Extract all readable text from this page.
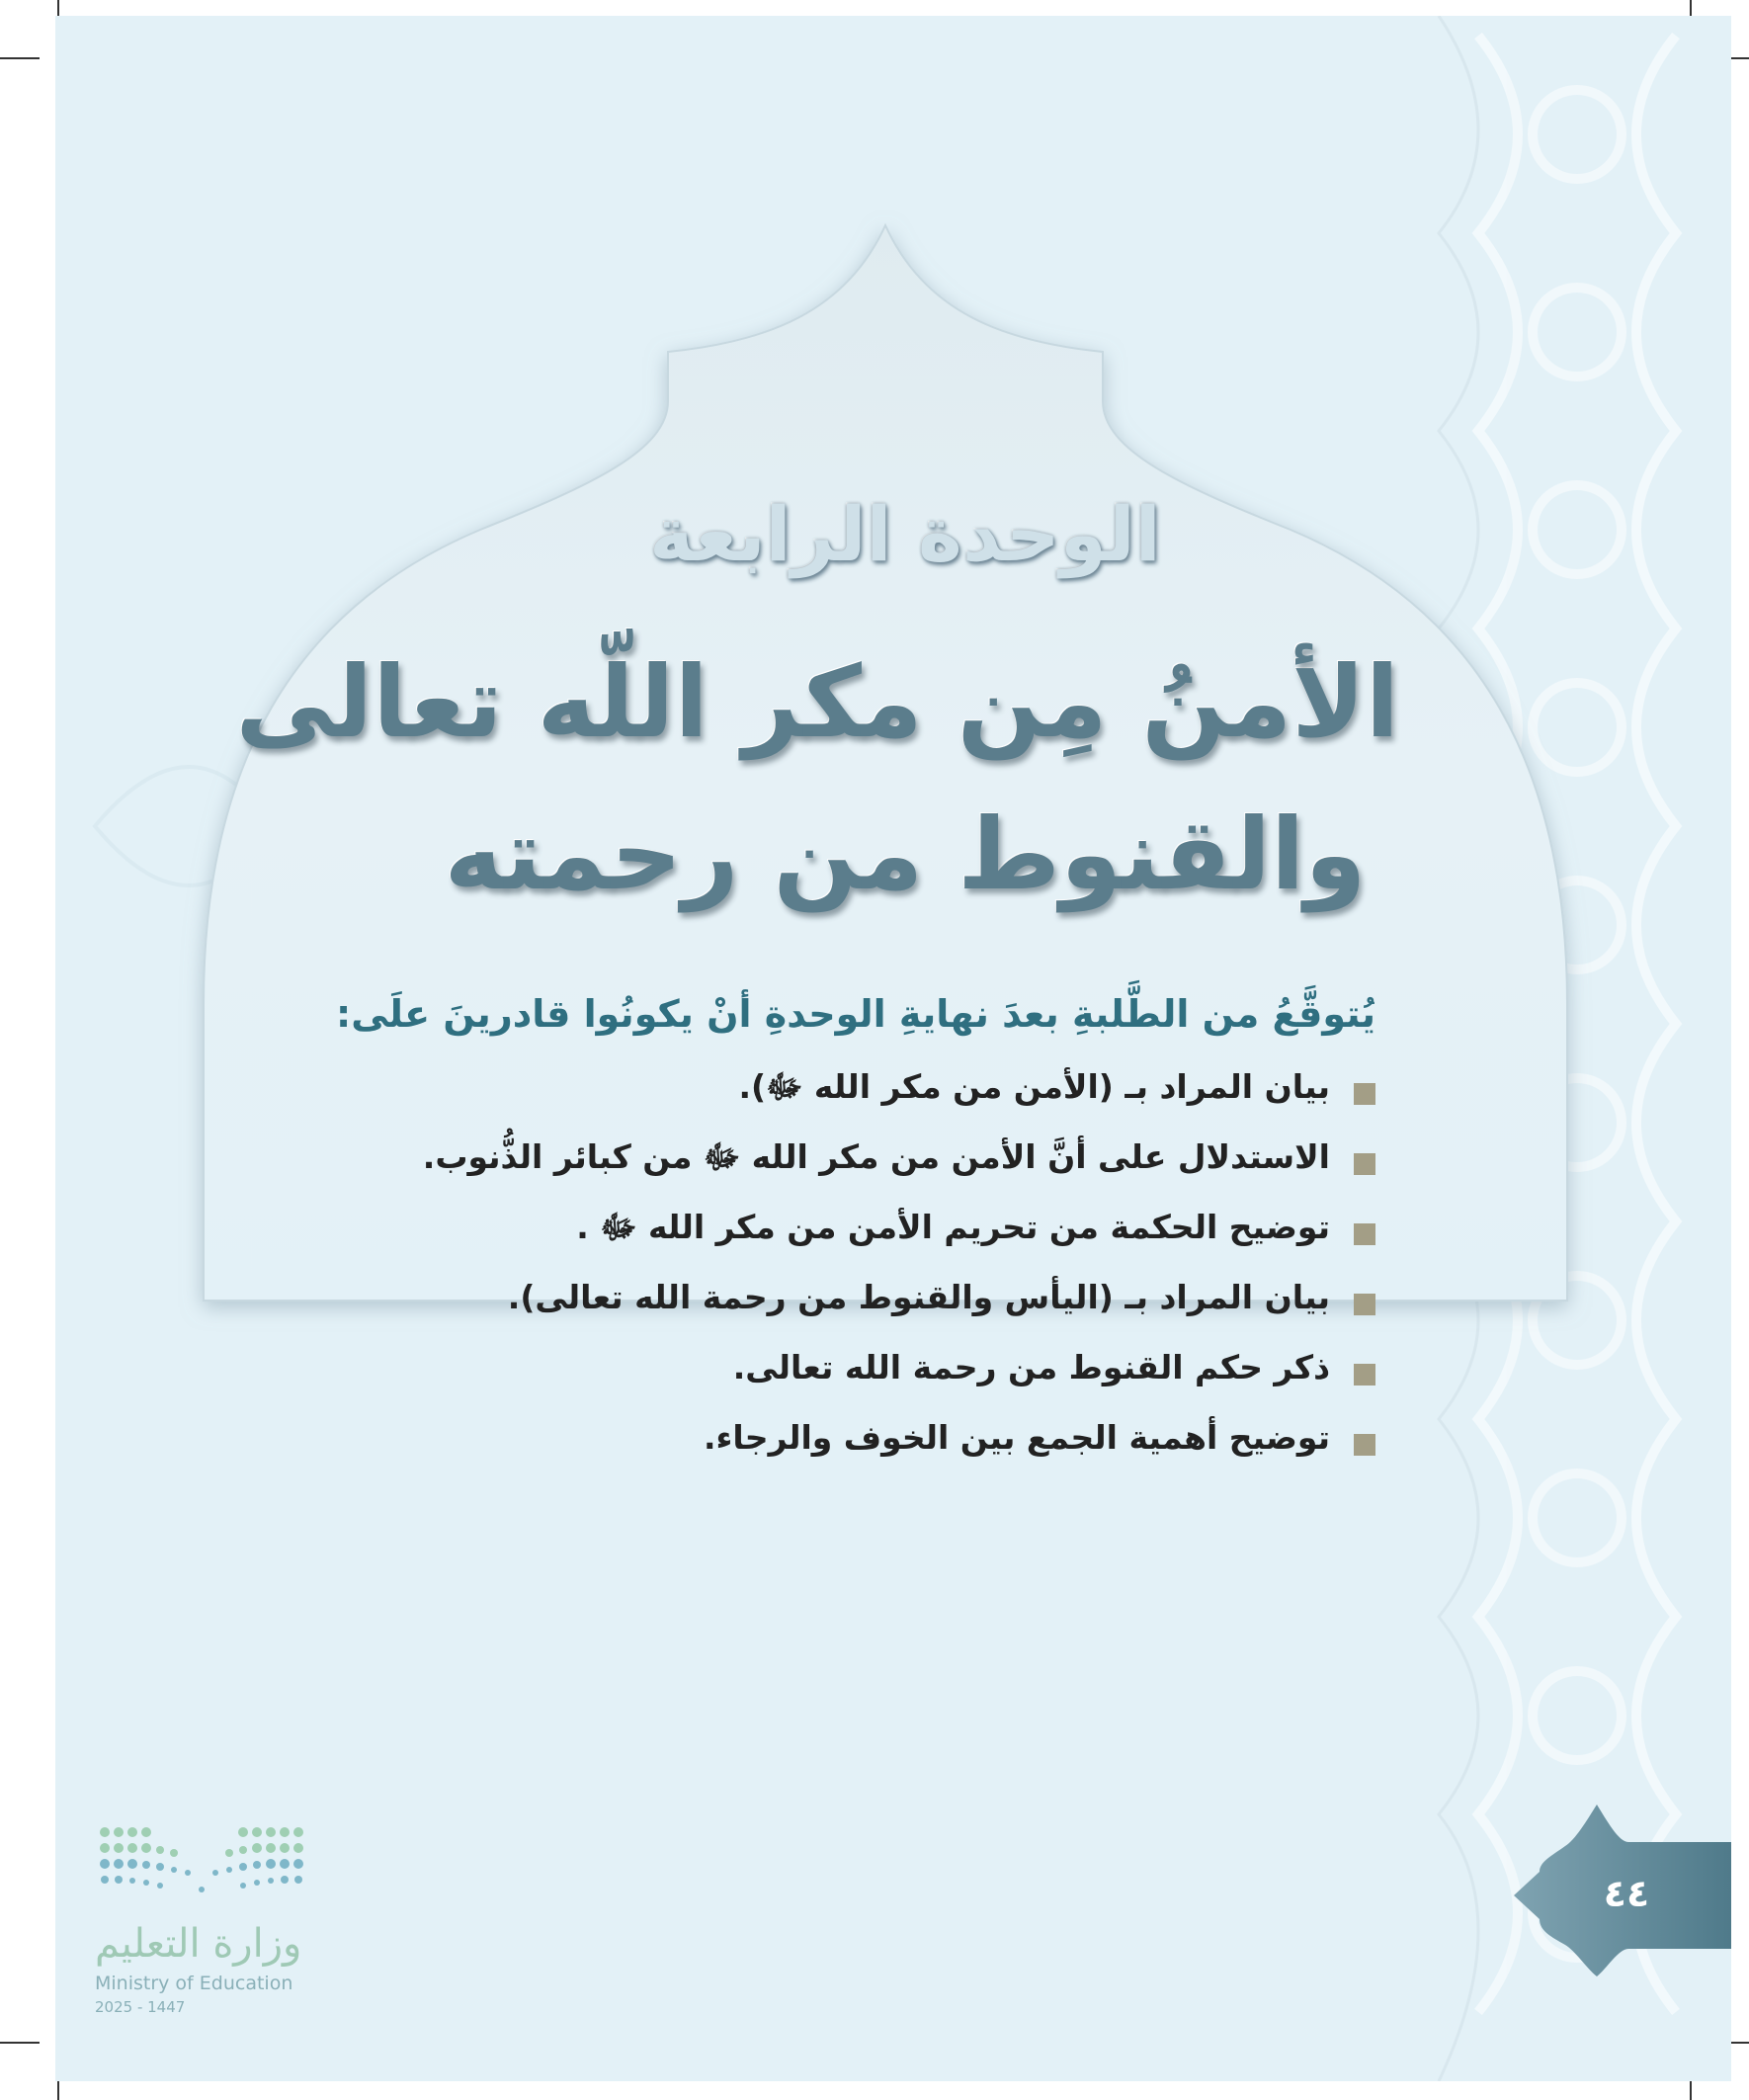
الوحدة الرابعة
الأمنُ مِن مكر اللّه تعالى
والقنوط من رحمته
يُتوقَّعُ من الطَّلبةِ بعدَ نهايةِ الوحدةِ أنْ يكونُوا قادرينَ علَى:
بيان المراد بـ (الأمن من مكر الله ﷻ).
الاستدلال على أنَّ الأمن من مكر الله ﷻ من كبائر الذُّنوب.
توضيح الحكمة من تحريم الأمن من مكر الله ﷻ .
بيان المراد بـ (اليأس والقنوط من رحمة الله تعالى).
ذكر حكم القنوط من رحمة الله تعالى.
توضيح أهمية الجمع بين الخوف والرجاء.
٤٤
وزارة التعليم
Ministry of Education
2025 - 1447
